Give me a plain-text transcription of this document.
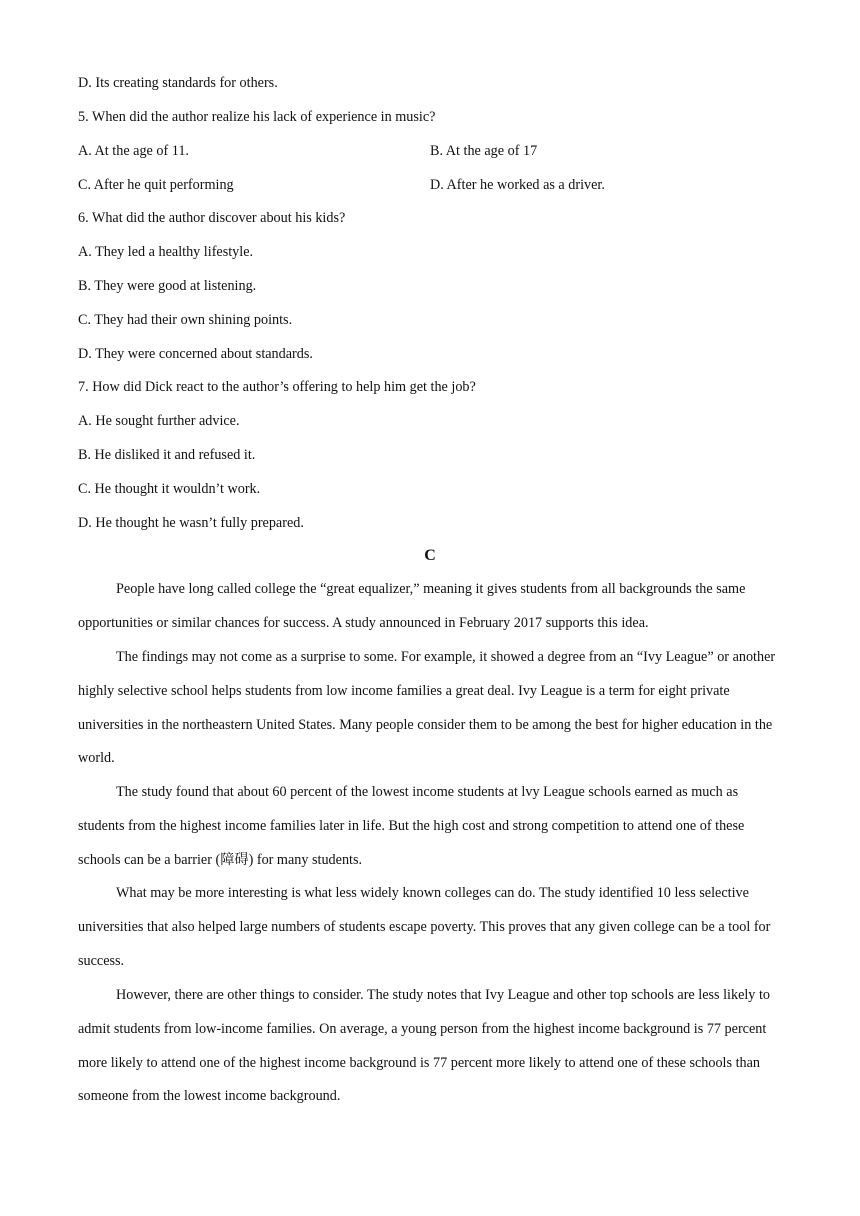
D. Its creating standards for others.
5. When did the author realize his lack of experience in music?
A. At the age of 11.	B. At the age of 17
C. After he quit performing	D. After he worked as a driver.
6. What did the author discover about his kids?
A. They led a healthy lifestyle.
B. They were good at listening.
C. They had their own shining points.
D. They were concerned about standards.
7. How did Dick react to the author’s offering to help him get the job?
A. He sought further advice.
B. He disliked it and refused it.
C. He thought it wouldn’t work.
D. He thought he wasn’t fully prepared.
C
People have long called college the “great equalizer,” meaning it gives students from all backgrounds the same opportunities or similar chances for success. A study announced in February 2017 supports this idea.
The findings may not come as a surprise to some. For example, it showed a degree from an “Ivy League” or another highly selective school helps students from low income families a great deal. Ivy League is a term for eight private universities in the northeastern United States. Many people consider them to be among the best for higher education in the world.
The study found that about 60 percent of the lowest income students at lvy League schools earned as much as students from the highest income families later in life. But the high cost and strong competition to attend one of these schools can be a barrier (障碍) for many students.
What may be more interesting is what less widely known colleges can do. The study identified 10 less selective universities that also helped large numbers of students escape poverty. This proves that any given college can be a tool for success.
However, there are other things to consider. The study notes that Ivy League and other top schools are less likely to admit students from low-income families. On average, a young person from the highest income background is 77 percent more likely to attend one of the highest income background is 77 percent more likely to attend one of these schools than someone from the lowest income background.
